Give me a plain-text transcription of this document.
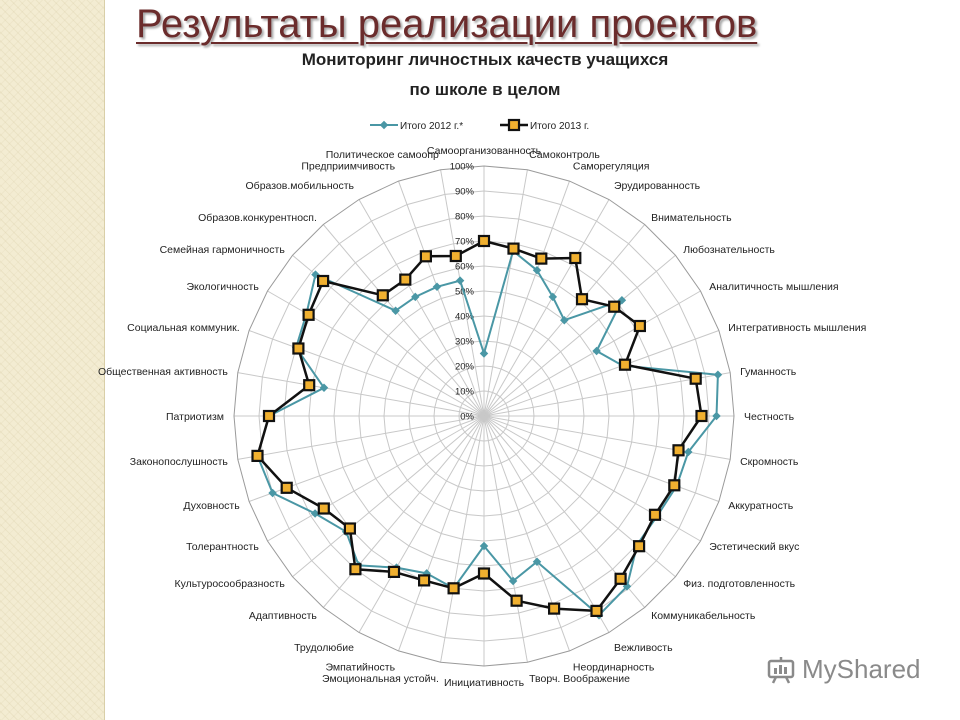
Результаты реализации проектов
Мониторинг личностных качеств учащихся
по школе в целом
Итого 2012 г.*	Итого 2013 г.
Самоорганизованность
Самоконтроль
Саморегуляция
Эрудированность
Внимательность
Любознательность
Аналитичность мышления
Интегративность мышления
Гуманность
Честность
Скромность
Аккуратность
Эстетический вкус
Физ. подготовленность
Коммуникабельность
Вежливость
Неординарность
Творч. Воображение
Инициативность
Эмоциональная устойч.
Эмпатийность
Трудолюбие
Адаптивность
Культуросообразность
Толерантность
Духовность
Законопослушность
Патриотизм
Общественная активность
Социальная коммуник.
Экологичность
Семейная гармоничность
Образов.конкурентносп.
Образов.мобильность
Предприимчивость
Политическое самоопр
0%
10%
20%
30%
40%
50%
60%
70%
80%
90%
100%
MyShared
